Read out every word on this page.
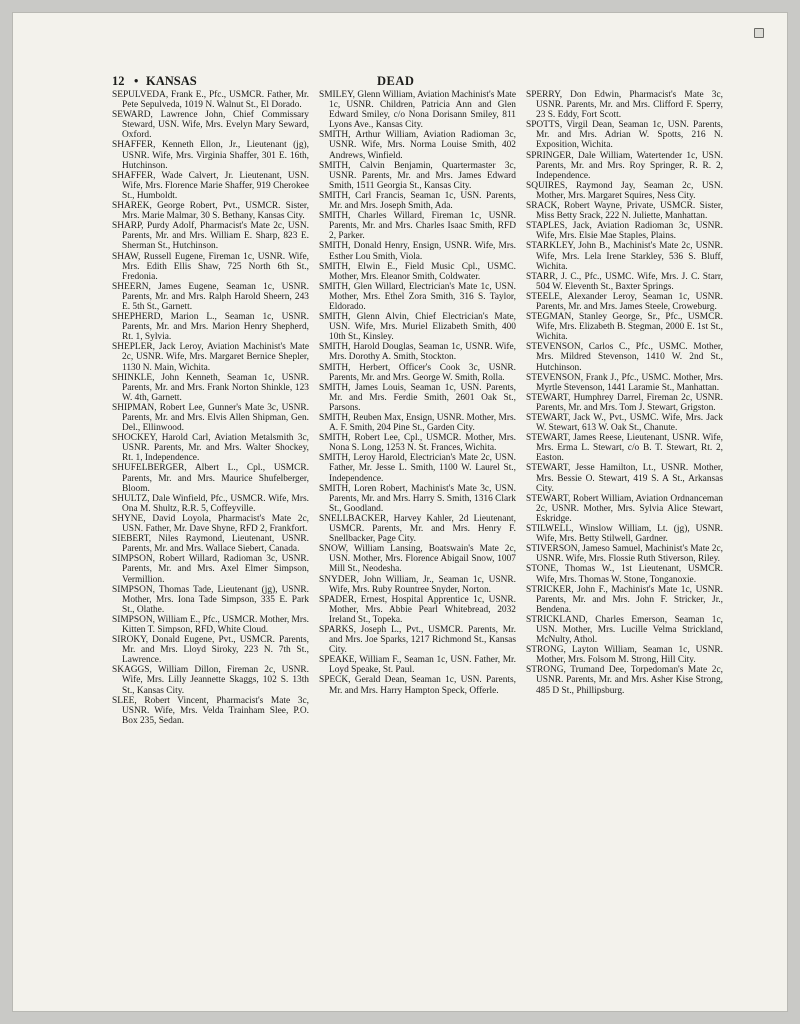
12 • KANSAS	DEAD

SEPULVEDA, Frank E., Pfc., USMCR. Father, Mr. Pete Sepulveda, 1019 N. Walnut St., El Dorado.

SEWARD, Lawrence John, Chief Commissary Steward, USN. Wife, Mrs. Evelyn Mary Seward, Oxford.

SHAFFER, Kenneth Ellon, Jr., Lieutenant (jg), USNR. Wife, Mrs. Virginia Shaffer, 301 E. 16th, Hutchinson.

SHAFFER, Wade Calvert, Jr. Lieutenant, USN. Wife, Mrs. Florence Marie Shaffer, 919 Cherokee St., Humboldt.

SHAREK, George Robert, Pvt., USMCR. Sister, Mrs. Marie Malmar, 30 S. Bethany, Kansas City.

SHARP, Purdy Adolf, Pharmacist's Mate 2c, USN. Parents, Mr. and Mrs. William E. Sharp, 823 E. Sherman St., Hutchinson.

SHAW, Russell Eugene, Fireman 1c, USNR. Wife, Mrs. Edith Ellis Shaw, 725 North 6th St., Fredonia.

SHEERN, James Eugene, Seaman 1c, USNR. Parents, Mr. and Mrs. Ralph Harold Sheern, 243 E. 5th St., Garnett.

SHEPHERD, Marion L., Seaman 1c, USNR. Parents, Mr. and Mrs. Marion Henry Shepherd, Rt. 1, Sylvia.

SHEPLER, Jack Leroy, Aviation Machinist's Mate 2c, USNR. Wife, Mrs. Margaret Bernice Shepler, 1130 N. Main, Wichita.

SHINKLE, John Kenneth, Seaman 1c, USNR. Parents, Mr. and Mrs. Frank Norton Shinkle, 123 W. 4th, Garnett.

SHIPMAN, Robert Lee, Gunner's Mate 3c, USNR. Parents, Mr. and Mrs. Elvis Allen Shipman, Gen. Del., Ellinwood.

SHOCKEY, Harold Carl, Aviation Metalsmith 3c, USNR. Parents, Mr. and Mrs. Walter Shockey, Rt. 1, Independence.

SHUFELBERGER, Albert L., Cpl., USMCR. Parents, Mr. and Mrs. Maurice Shufelberger, Bloom.

SHULTZ, Dale Winfield, Pfc., USMCR. Wife, Mrs. Ona M. Shultz, R.R. 5, Coffeyville.

SHYNE, David Loyola, Pharmacist's Mate 2c, USN. Father, Mr. Dave Shyne, RFD 2, Frankfort.

SIEBERT, Niles Raymond, Lieutenant, USNR. Parents, Mr. and Mrs. Wallace Siebert, Canada.

SIMPSON, Robert Willard, Radioman 3c, USNR. Parents, Mr. and Mrs. Axel Elmer Simpson, Vermillion.

SIMPSON, Thomas Tade, Lieutenant (jg), USNR. Mother, Mrs. Iona Tade Simpson, 335 E. Park St., Olathe.

SIMPSON, William E., Pfc., USMCR. Mother, Mrs. Kitten T. Simpson, RFD, White Cloud.

SIROKY, Donald Eugene, Pvt., USMCR. Parents, Mr. and Mrs. Lloyd Siroky, 223 N. 7th St., Lawrence.

SKAGGS, William Dillon, Fireman 2c, USNR. Wife, Mrs. Lilly Jeannette Skaggs, 102 S. 13th St., Kansas City.

SLEE, Robert Vincent, Pharmacist's Mate 3c, USNR. Wife, Mrs. Velda Trainham Slee, P.O. Box 235, Sedan.

SMILEY, Glenn William, Aviation Machinist's Mate 1c, USNR. Children, Patricia Ann and Glen Edward Smiley, c/o Nona Dorisann Smiley, 811 Lyons Ave., Kansas City.

SMITH, Arthur William, Aviation Radioman 3c, USNR. Wife, Mrs. Norma Louise Smith, 402 Andrews, Winfield.

SMITH, Calvin Benjamin, Quartermaster 3c, USNR. Parents, Mr. and Mrs. James Edward Smith, 1511 Georgia St., Kansas City.

SMITH, Carl Francis, Seaman 1c, USN. Parents, Mr. and Mrs. Joseph Smith, Ada.

SMITH, Charles Willard, Fireman 1c, USNR. Parents, Mr. and Mrs. Charles Isaac Smith, RFD 2, Parker.

SMITH, Donald Henry, Ensign, USNR. Wife, Mrs. Esther Lou Smith, Viola.

SMITH, Elwin E., Field Music Cpl., USMC. Mother, Mrs. Eleanor Smith, Coldwater.

SMITH, Glen Willard, Electrician's Mate 1c, USN. Mother, Mrs. Ethel Zora Smith, 316 S. Taylor, Eldorado.

SMITH, Glenn Alvin, Chief Electrician's Mate, USN. Wife, Mrs. Muriel Elizabeth Smith, 400 10th St., Kinsley.

SMITH, Harold Douglas, Seaman 1c, USNR. Wife, Mrs. Dorothy A. Smith, Stockton.

SMITH, Herbert, Officer's Cook 3c, USNR. Parents, Mr. and Mrs. George W. Smith, Rolla.

SMITH, James Louis, Seaman 1c, USN. Parents, Mr. and Mrs. Ferdie Smith, 2601 Oak St., Parsons.

SMITH, Reuben Max, Ensign, USNR. Mother, Mrs. A. F. Smith, 204 Pine St., Garden City.

SMITH, Robert Lee, Cpl., USMCR. Mother, Mrs. Nona S. Long, 1253 N. St. Frances, Wichita.

SMITH, Leroy Harold, Electrician's Mate 2c, USN. Father, Mr. Jesse L. Smith, 1100 W. Laurel St., Independence.

SMITH, Loren Robert, Machinist's Mate 3c, USN. Parents, Mr. and Mrs. Harry S. Smith, 1316 Clark St., Goodland.

SNELLBACKER, Harvey Kahler, 2d Lieutenant, USMCR. Parents, Mr. and Mrs. Henry F. Snellbacker, Page City.

SNOW, William Lansing, Boatswain's Mate 2c, USN. Mother, Mrs. Florence Abigail Snow, 1007 Mill St., Neodesha.

SNYDER, John William, Jr., Seaman 1c, USNR. Wife, Mrs. Ruby Rountree Snyder, Norton.

SPADER, Ernest, Hospital Apprentice 1c, USNR. Mother, Mrs. Abbie Pearl Whitebread, 2032 Ireland St., Topeka.

SPARKS, Joseph L., Pvt., USMCR. Parents, Mr. and Mrs. Joe Sparks, 1217 Richmond St., Kansas City.

SPEAKE, William F., Seaman 1c, USN. Father, Mr. Loyd Speake, St. Paul.

SPECK, Gerald Dean, Seaman 1c, USN. Parents, Mr. and Mrs. Harry Hampton Speck, Offerle.

SPERRY, Don Edwin, Pharmacist's Mate 3c, USNR. Parents, Mr. and Mrs. Clifford F. Sperry, 23 S. Eddy, Fort Scott.

SPOTTS, Virgil Dean, Seaman 1c, USN. Parents, Mr. and Mrs. Adrian W. Spotts, 216 N. Exposition, Wichita.

SPRINGER, Dale William, Watertender 1c, USN. Parents, Mr. and Mrs. Roy Springer, R. R. 2, Independence.

SQUIRES, Raymond Jay, Seaman 2c, USN. Mother, Mrs. Margaret Squires, Ness City.

SRACK, Robert Wayne, Private, USMCR. Sister, Miss Betty Srack, 222 N. Juliette, Manhattan.

STAPLES, Jack, Aviation Radioman 3c, USNR. Wife, Mrs. Elsie Mae Staples, Plains.

STARKLEY, John B., Machinist's Mate 2c, USNR. Wife, Mrs. Lela Irene Starkley, 536 S. Bluff, Wichita.

STARR, J. C., Pfc., USMC. Wife, Mrs. J. C. Starr, 504 W. Eleventh St., Baxter Springs.

STEELE, Alexander Leroy, Seaman 1c, USNR. Parents, Mr. and Mrs. James Steele, Croweburg.

STEGMAN, Stanley George, Sr., Pfc., USMCR. Wife, Mrs. Elizabeth B. Stegman, 2000 E. 1st St., Wichita.

STEVENSON, Carlos C., Pfc., USMC. Mother, Mrs. Mildred Stevenson, 1410 W. 2nd St., Hutchinson.

STEVENSON, Frank J., Pfc., USMC. Mother, Mrs. Myrtle Stevenson, 1441 Laramie St., Manhattan.

STEWART, Humphrey Darrel, Fireman 2c, USNR. Parents, Mr. and Mrs. Tom J. Stewart, Grigston.

STEWART, Jack W., Pvt., USMC. Wife, Mrs. Jack W. Stewart, 613 W. Oak St., Chanute.

STEWART, James Reese, Lieutenant, USNR. Wife, Mrs. Erma L. Stewart, c/o B. T. Stewart, Rt. 2, Easton.

STEWART, Jesse Hamilton, Lt., USNR. Mother, Mrs. Bessie O. Stewart, 419 S. A St., Arkansas City.

STEWART, Robert William, Aviation Ordnanceman 2c, USNR. Mother, Mrs. Sylvia Alice Stewart, Eskridge.

STILWELL, Winslow William, Lt. (jg), USNR. Wife, Mrs. Betty Stilwell, Gardner.

STIVERSON, Jameso Samuel, Machinist's Mate 2c, USNR. Wife, Mrs. Flossie Ruth Stiverson, Riley.

STONE, Thomas W., 1st Lieutenant, USMCR. Wife, Mrs. Thomas W. Stone, Tonganoxie.

STRICKER, John F., Machinist's Mate 1c, USNR. Parents, Mr. and Mrs. John F. Stricker, Jr., Bendena.

STRICKLAND, Charles Emerson, Seaman 1c, USN. Mother, Mrs. Lucille Velma Strickland, McNulty, Athol.

STRONG, Layton William, Seaman 1c, USNR. Mother, Mrs. Folsom M. Strong, Hill City.

STRONG, Trumand Dee, Torpedoman's Mate 2c, USNR. Parents, Mr. and Mrs. Asher Kise Strong, 485 D St., Phillipsburg.
